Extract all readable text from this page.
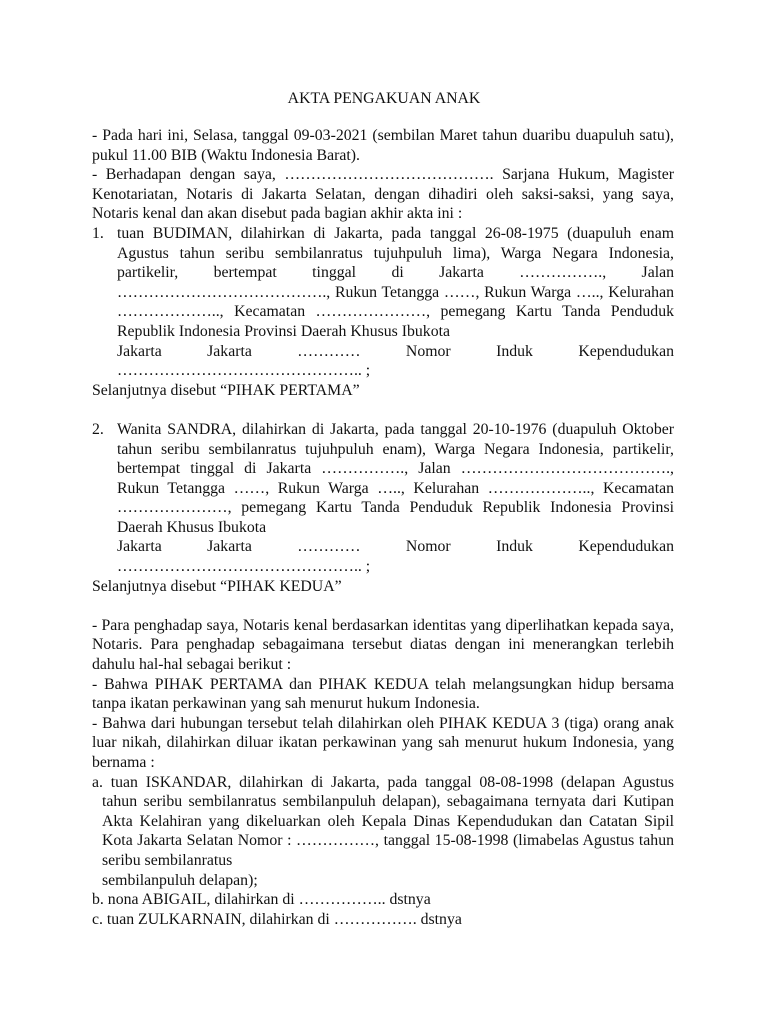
AKTA PENGAKUAN ANAK

- Pada hari ini, Selasa, tanggal 09-03-2021 (sembilan Maret tahun duaribu duapuluh satu), pukul 11.00 BIB (Waktu Indonesia Barat).

- Berhadapan dengan saya, …………………………………. Sarjana Hukum, Magister Kenotariatan, Notaris di Jakarta Selatan, dengan dihadiri oleh saksi-saksi, yang saya, Notaris kenal dan akan disebut pada bagian akhir akta ini :

1. tuan BUDIMAN, dilahirkan di Jakarta, pada tanggal 26-08-1975 (duapuluh enam Agustus tahun seribu sembilanratus tujuhpuluh lima), Warga Negara Indonesia, partikelir, bertempat tinggal di Jakarta ……………., Jalan …………………………………., Rukun Tetangga ……, Rukun Warga ….., Kelurahan ……………….., Kecamatan …………………, pemegang Kartu Tanda Penduduk Republik Indonesia Provinsi Daerah Khusus Ibukota

Jakarta Jakarta ………… Nomor Induk Kependudukan

……………………………………….. ;

Selanjutnya disebut “PIHAK PERTAMA”

2. Wanita SANDRA, dilahirkan di Jakarta, pada tanggal 20-10-1976 (duapuluh Oktober tahun seribu sembilanratus tujuhpuluh enam), Warga Negara Indonesia, partikelir, bertempat tinggal di Jakarta ……………., Jalan …………………………………., Rukun Tetangga ……, Rukun Warga ….., Kelurahan ……………….., Kecamatan …………………, pemegang Kartu Tanda Penduduk Republik Indonesia Provinsi Daerah Khusus Ibukota

Jakarta Jakarta ………… Nomor Induk Kependudukan

……………………………………….. ;

Selanjutnya disebut “PIHAK KEDUA”

- Para penghadap saya, Notaris kenal berdasarkan identitas yang diperlihatkan kepada saya, Notaris. Para penghadap sebagaimana tersebut diatas dengan ini menerangkan terlebih dahulu hal-hal sebagai berikut :

- Bahwa PIHAK PERTAMA dan PIHAK KEDUA telah melangsungkan hidup bersama tanpa ikatan perkawinan yang sah menurut hukum Indonesia.

- Bahwa dari hubungan tersebut telah dilahirkan oleh PIHAK KEDUA 3 (tiga) orang anak luar nikah, dilahirkan diluar ikatan perkawinan yang sah menurut hukum Indonesia, yang bernama :

a. tuan ISKANDAR, dilahirkan di Jakarta, pada tanggal 08-08-1998 (delapan Agustus tahun seribu sembilanratus sembilanpuluh delapan), sebagaimana ternyata dari Kutipan Akta Kelahiran yang dikeluarkan oleh Kepala Dinas Kependudukan dan Catatan Sipil Kota Jakarta Selatan Nomor : ……………, tanggal 15-08-1998 (limabelas Agustus tahun seribu sembilanratus

sembilanpuluh delapan);

b. nona ABIGAIL, dilahirkan di …………….. dstnya

c. tuan ZULKARNAIN, dilahirkan di ……………. dstnya
